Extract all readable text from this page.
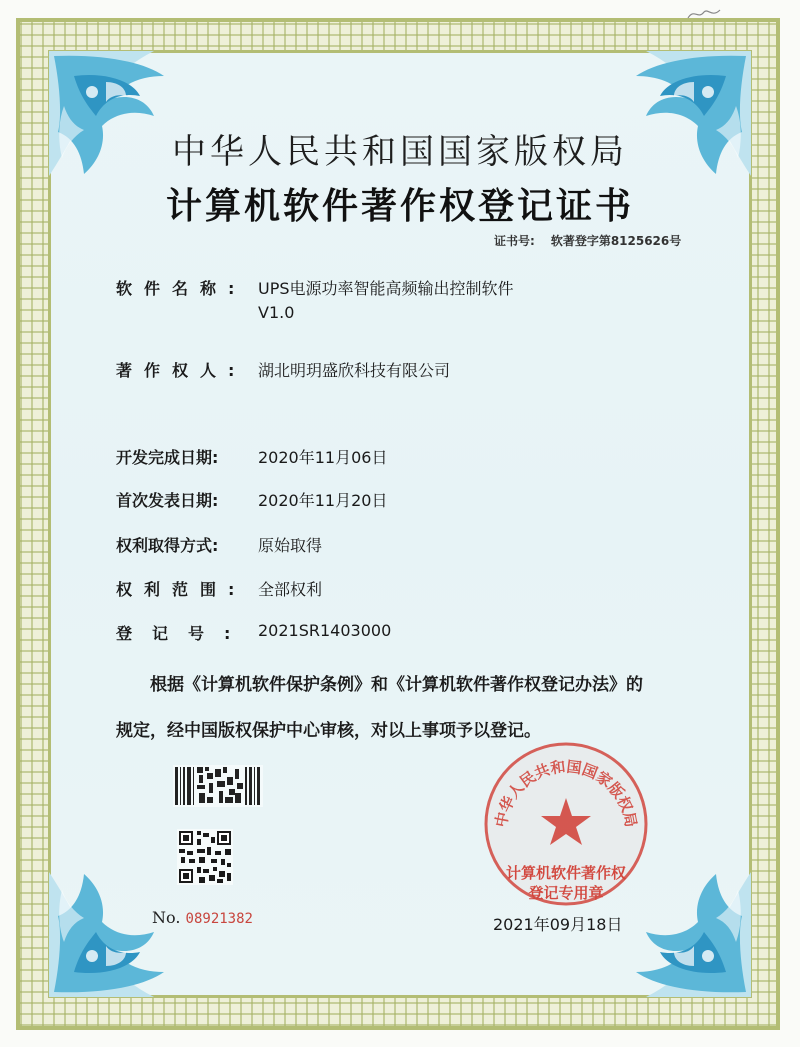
中华人民共和国国家版权局
计算机软件著作权登记证书
证书号: 软著登字第8125626号
软件名称: UPS电源功率智能高频输出控制软件
V1.0
著作权人: 湖北明玥盛欣科技有限公司
开发完成日期: 2020年11月06日
首次发表日期: 2020年11月20日
权利取得方式: 原始取得
权利范围: 全部权利
登记号: 2021SR1403000
根据《计算机软件保护条例》和《计算机软件著作权登记办法》的
规定，经中国版权保护中心审核，对以上事项予以登记。
No. 08921382
中华人民共和国国家版权局
计算机软件著作权
登记专用章
2021年09月18日
